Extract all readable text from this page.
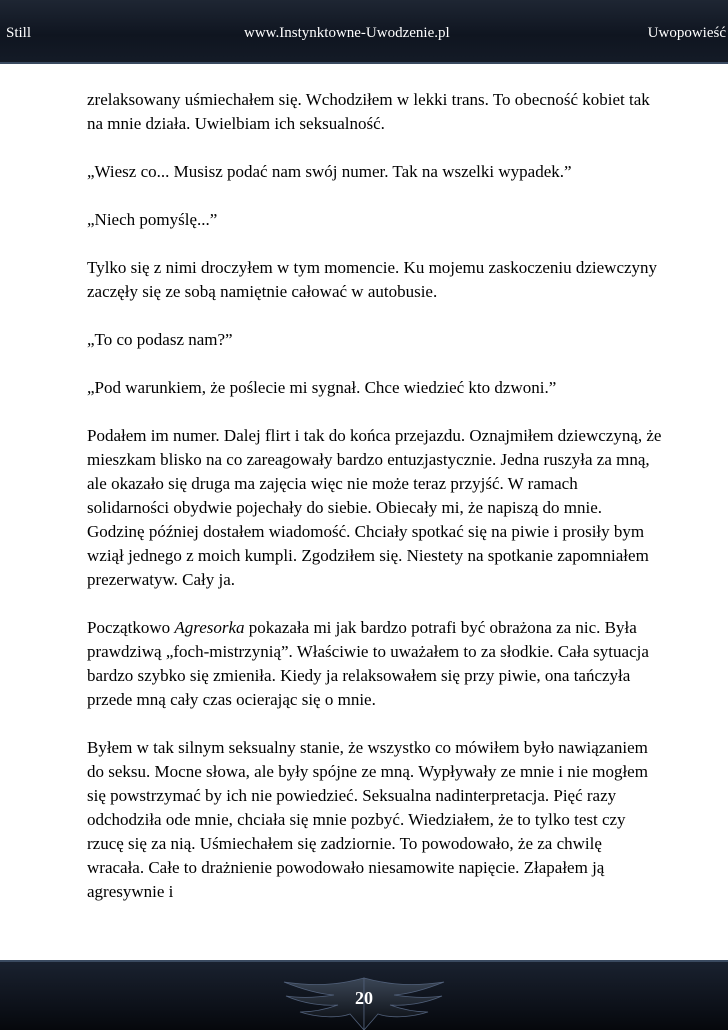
Still	www.Instynktowne-Uwodzenie.pl	Uwopowieść

zrelaksowany uśmiechałem się. Wchodziłem w lekki trans. To obecność kobiet tak na mnie działa. Uwielbiam ich seksualność.

„Wiesz co... Musisz podać nam swój numer. Tak na wszelki wypadek.”

„Niech pomyślę...”

Tylko się z nimi droczyłem w tym momencie. Ku mojemu zaskoczeniu dziewczyny zaczęły się ze sobą namiętnie całować w autobusie.

„To co podasz nam?”

„Pod warunkiem, że poślecie mi sygnał. Chce wiedzieć kto dzwoni.”

Podałem im numer. Dalej flirt i tak do końca przejazdu. Oznajmiłem dziewczyną, że mieszkam blisko na co zareagowały bardzo entuzjastycznie. Jedna ruszyła za mną, ale okazało się druga ma zajęcia więc nie może teraz przyjść. W ramach solidarności obydwie pojechały do siebie. Obiecały mi, że napiszą do mnie. Godzinę później dostałem wiadomość. Chciały spotkać się na piwie i prosiły bym wziął jednego z moich kumpli. Zgodziłem się. Niestety na spotkanie zapomniałem prezerwatyw. Cały ja.

Początkowo Agresorka pokazała mi jak bardzo potrafi być obrażona za nic. Była prawdziwą „foch-mistrzynią”. Właściwie to uważałem to za słodkie. Cała sytuacja bardzo szybko się zmieniła. Kiedy ja relaksowałem się przy piwie, ona tańczyła przede mną cały czas ocierając się o mnie.

Byłem w tak silnym seksualny stanie, że wszystko co mówiłem było nawiązaniem do seksu. Mocne słowa, ale były spójne ze mną. Wypływały ze mnie i nie mogłem się powstrzymać by ich nie powiedzieć. Seksualna nadinterpretacja. Pięć razy odchodziła ode mnie, chciała się mnie pozbyć. Wiedziałem, że to tylko test czy rzucę się za nią. Uśmiechałem się zadziornie. To powodowało, że za chwilę wracała. Całe to drażnienie powodowało niesamowite napięcie. Złapałem ją agresywnie i

20
